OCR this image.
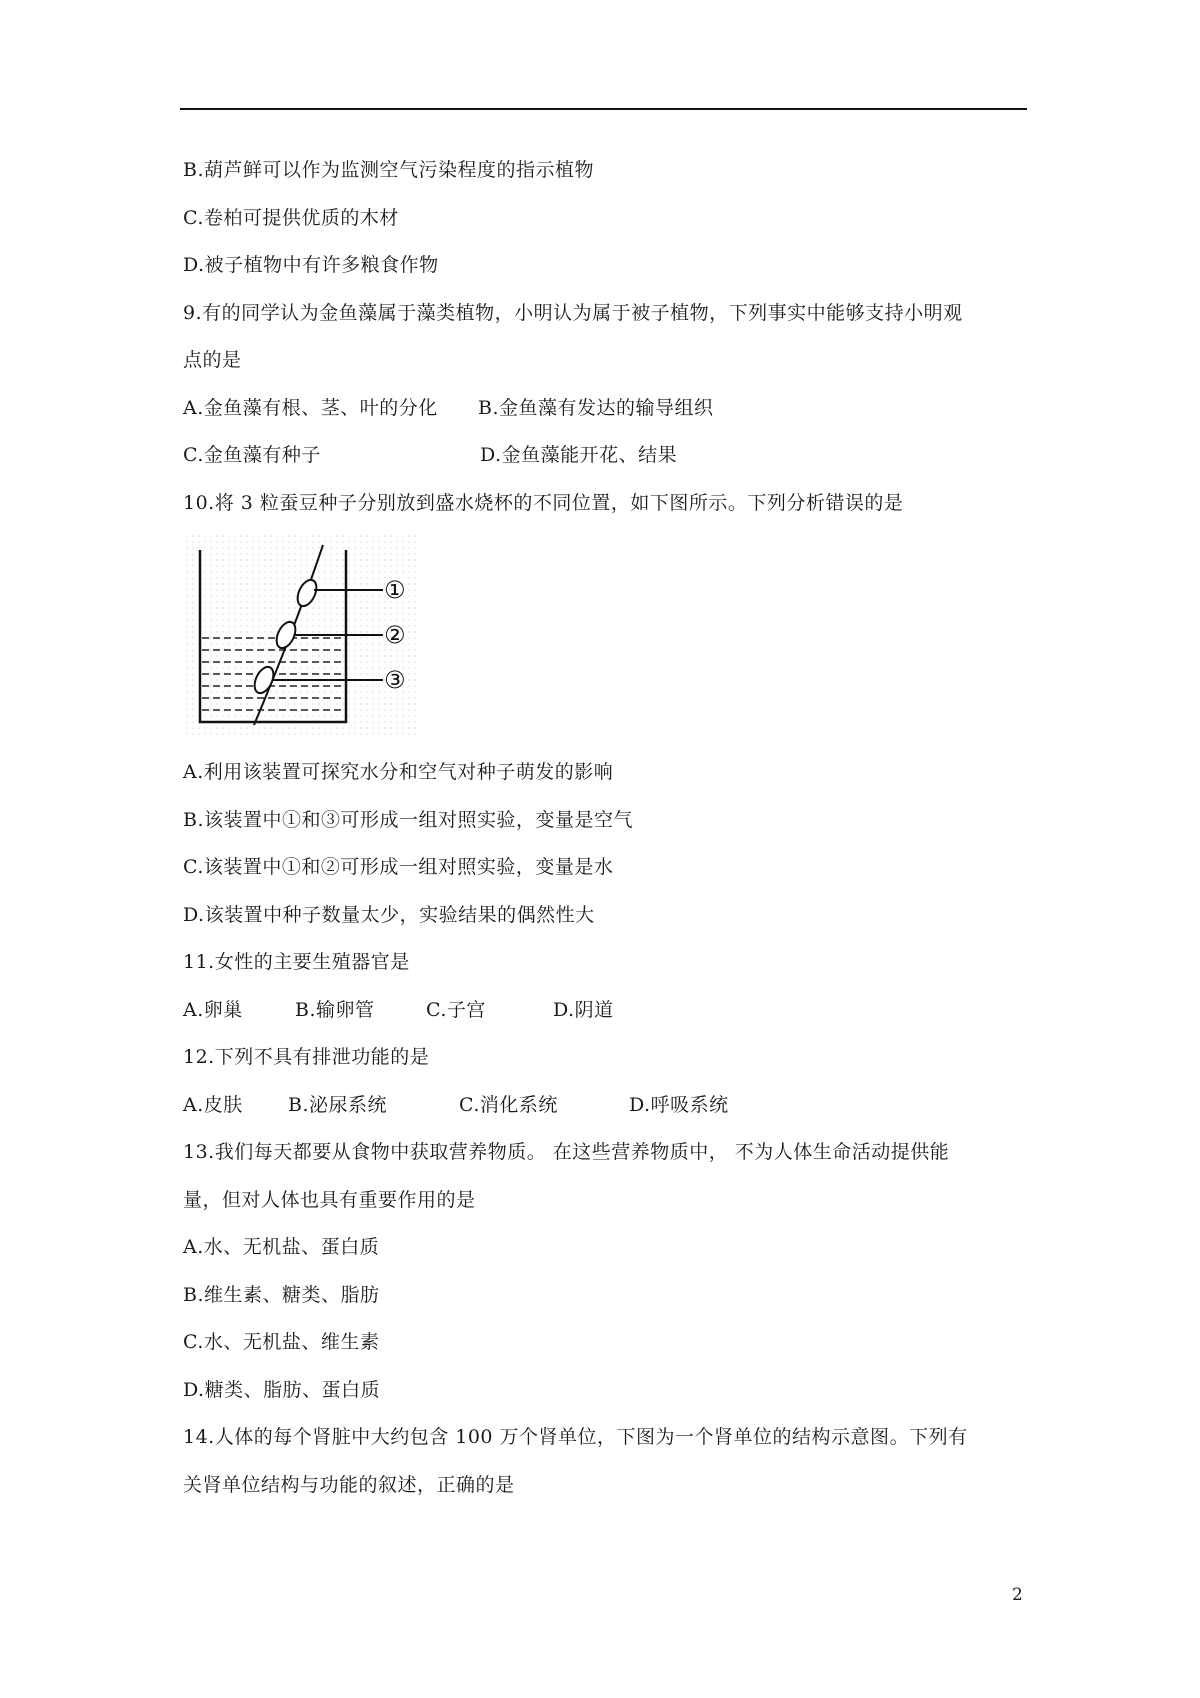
B.葫芦鲜可以作为监测空气污染程度的指示植物
C.卷柏可提供优质的木材
D.被子植物中有许多粮食作物
9.有的同学认为金鱼藻属于藻类植物，小明认为属于被子植物，下列事实中能够支持小明观
点的是
A.金鱼藻有根、茎、叶的分化 B.金鱼藻有发达的输导组织
C.金鱼藻有种子	D.金鱼藻能开花、结果
10.将 3 粒蚕豆种子分别放到盛水烧杯的不同位置，如下图所示。下列分析错误的是
①
②
③
A.利用该装置可探究水分和空气对种子萌发的影响
B.该装置中①和③可形成一组对照实验，变量是空气
C.该装置中①和②可形成一组对照实验，变量是水
D.该装置中种子数量太少，实验结果的偶然性大
11.女性的主要生殖器官是
A.卵巢	B.输卵管	C.子宫	D.阴道
12.下列不具有排泄功能的是
A.皮肤 B.泌尿系统	C.消化系统	D.呼吸系统
13.我们每天都要从食物中获取营养物质。 在这些营养物质中， 不为人体生命活动提供能
量，但对人体也具有重要作用的是
A.水、无机盐、蛋白质
B.维生素、糖类、脂肪
C.水、无机盐、维生素
D.糖类、脂肪、蛋白质
14.人体的每个肾脏中大约包含 100 万个肾单位，下图为一个肾单位的结构示意图。下列有
关肾单位结构与功能的叙述，正确的是
2
